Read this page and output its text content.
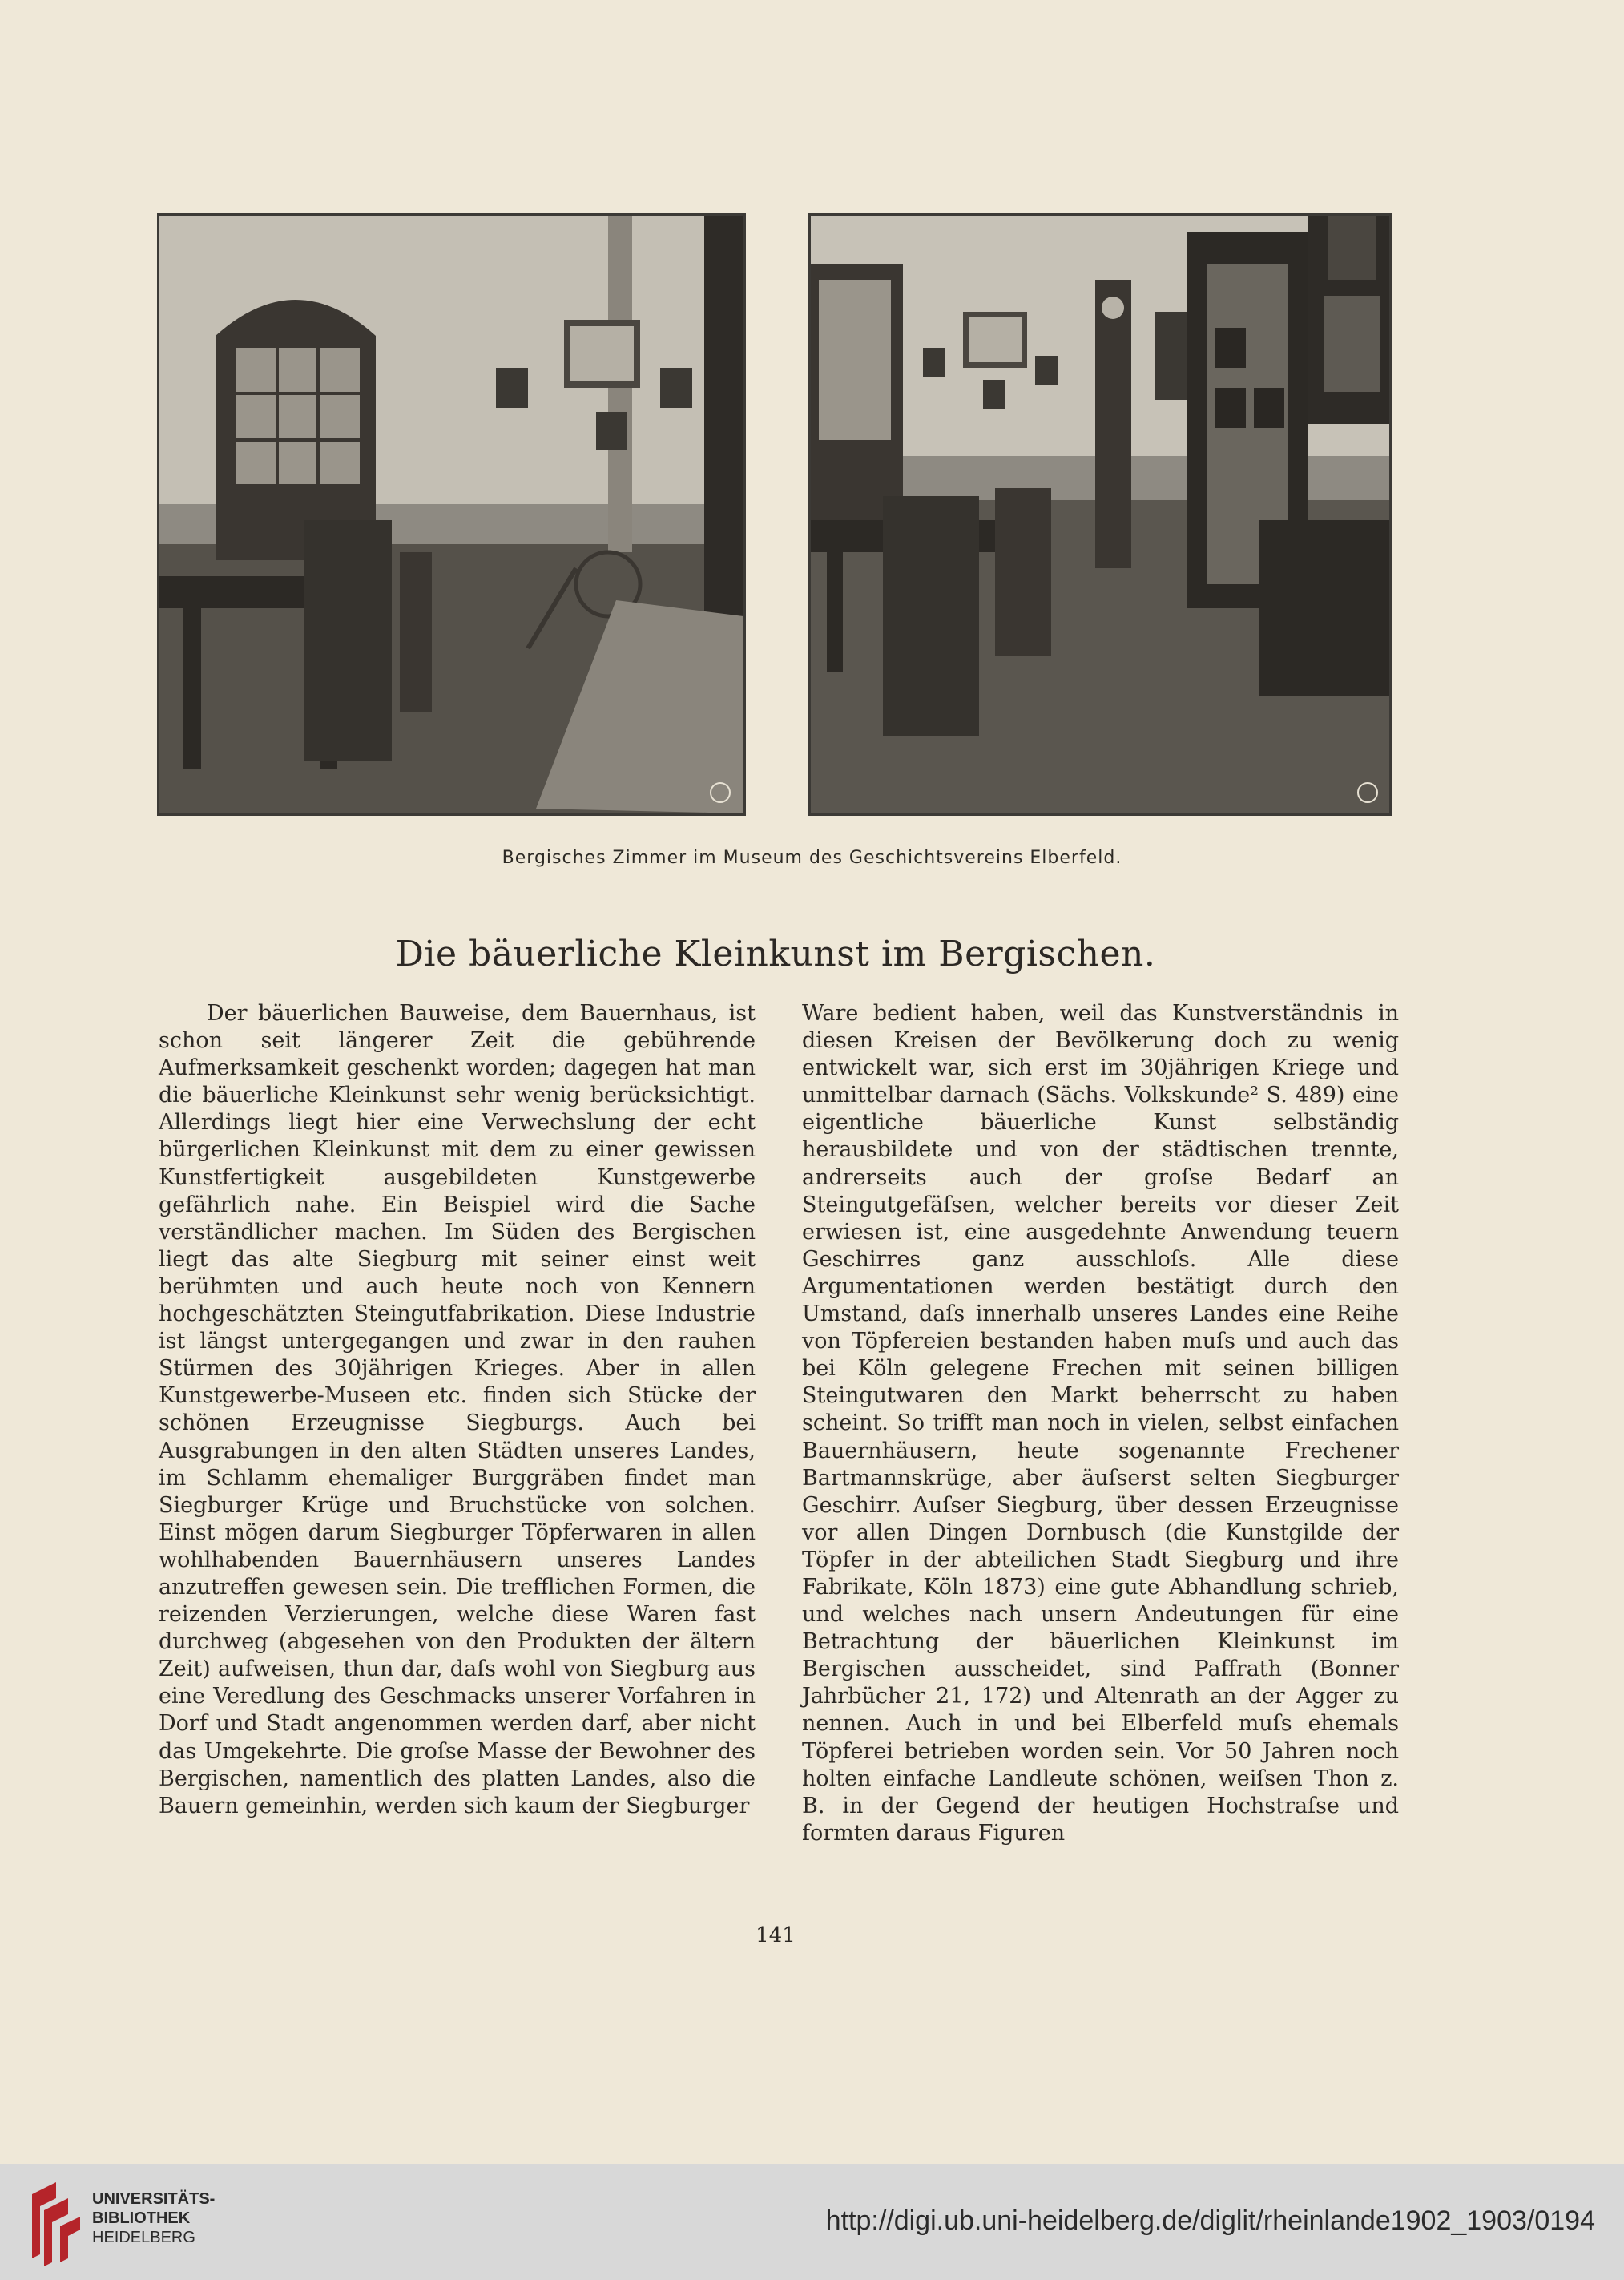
Bergisches Zimmer im Museum des Geschichtsvereins Elberfeld.
Die bäuerliche Kleinkunst im Bergischen.

Der bäuerlichen Bauweise, dem Bauernhaus, ist schon seit längerer Zeit die gebührende Aufmerksamkeit geschenkt worden; dagegen hat man die bäuerliche Kleinkunst sehr wenig berücksichtigt. Allerdings liegt hier eine Verwechslung der echt bürgerlichen Kleinkunst mit dem zu einer gewissen Kunstfertigkeit ausgebildeten Kunstgewerbe gefährlich nahe. Ein Beispiel wird die Sache verständlicher machen. Im Süden des Bergischen liegt das alte Siegburg mit seiner einst weit berühmten und auch heute noch von Kennern hochgeschätzten Steingutfabrikation. Diese Industrie ist längst untergegangen und zwar in den rauhen Stürmen des 30jährigen Krieges. Aber in allen Kunstgewerbe-Museen etc. finden sich Stücke der schönen Erzeugnisse Siegburgs. Auch bei Ausgrabungen in den alten Städten unseres Landes, im Schlamm ehemaliger Burggräben findet man Siegburger Krüge und Bruchstücke von solchen. Einst mögen darum Siegburger Töpferwaren in allen wohlhabenden Bauernhäusern unseres Landes anzutreffen gewesen sein. Die trefflichen Formen, die reizenden Verzierungen, welche diese Waren fast durchweg (abgesehen von den Produkten der ältern Zeit) aufweisen, thun dar, daſs wohl von Siegburg aus eine Veredlung des Geschmacks unserer Vorfahren in Dorf und Stadt angenommen werden darf, aber nicht das Umgekehrte. Die groſse Masse der Bewohner des Bergischen, namentlich des platten Landes, also die Bauern gemeinhin, werden sich kaum der Siegburger

Ware bedient haben, weil das Kunstverständnis in diesen Kreisen der Bevölkerung doch zu wenig entwickelt war, sich erst im 30jährigen Kriege und unmittelbar darnach (Sächs. Volkskunde² S. 489) eine eigentliche bäuerliche Kunst selbständig herausbildete und von der städtischen trennte, andrerseits auch der groſse Bedarf an Steingutgefäſsen, welcher bereits vor dieser Zeit erwiesen ist, eine ausgedehnte Anwendung teuern Geschirres ganz ausschloſs. Alle diese Argumentationen werden bestätigt durch den Umstand, daſs innerhalb unseres Landes eine Reihe von Töpfereien bestanden haben muſs und auch das bei Köln gelegene Frechen mit seinen billigen Steingutwaren den Markt beherrscht zu haben scheint. So trifft man noch in vielen, selbst einfachen Bauernhäusern, heute sogenannte Frechener Bartmannskrüge, aber äuſserst selten Siegburger Geschirr. Auſser Siegburg, über dessen Erzeugnisse vor allen Dingen Dornbusch (die Kunstgilde der Töpfer in der abteilichen Stadt Siegburg und ihre Fabrikate, Köln 1873) eine gute Abhandlung schrieb, und welches nach unsern Andeutungen für eine Betrachtung der bäuerlichen Kleinkunst im Bergischen ausscheidet, sind Paffrath (Bonner Jahrbücher 21, 172) und Altenrath an der Agger zu nennen. Auch in und bei Elberfeld muſs ehemals Töpferei betrieben worden sein. Vor 50 Jahren noch holten einfache Landleute schönen, weiſsen Thon z. B. in der Gegend der heutigen Hochstraſse und formten daraus Figuren

141
UNIVERSITÄTS-
BIBLIOTHEK
HEIDELBERG
http://digi.ub.uni-heidelberg.de/diglit/rheinlande1902_1903/0194
